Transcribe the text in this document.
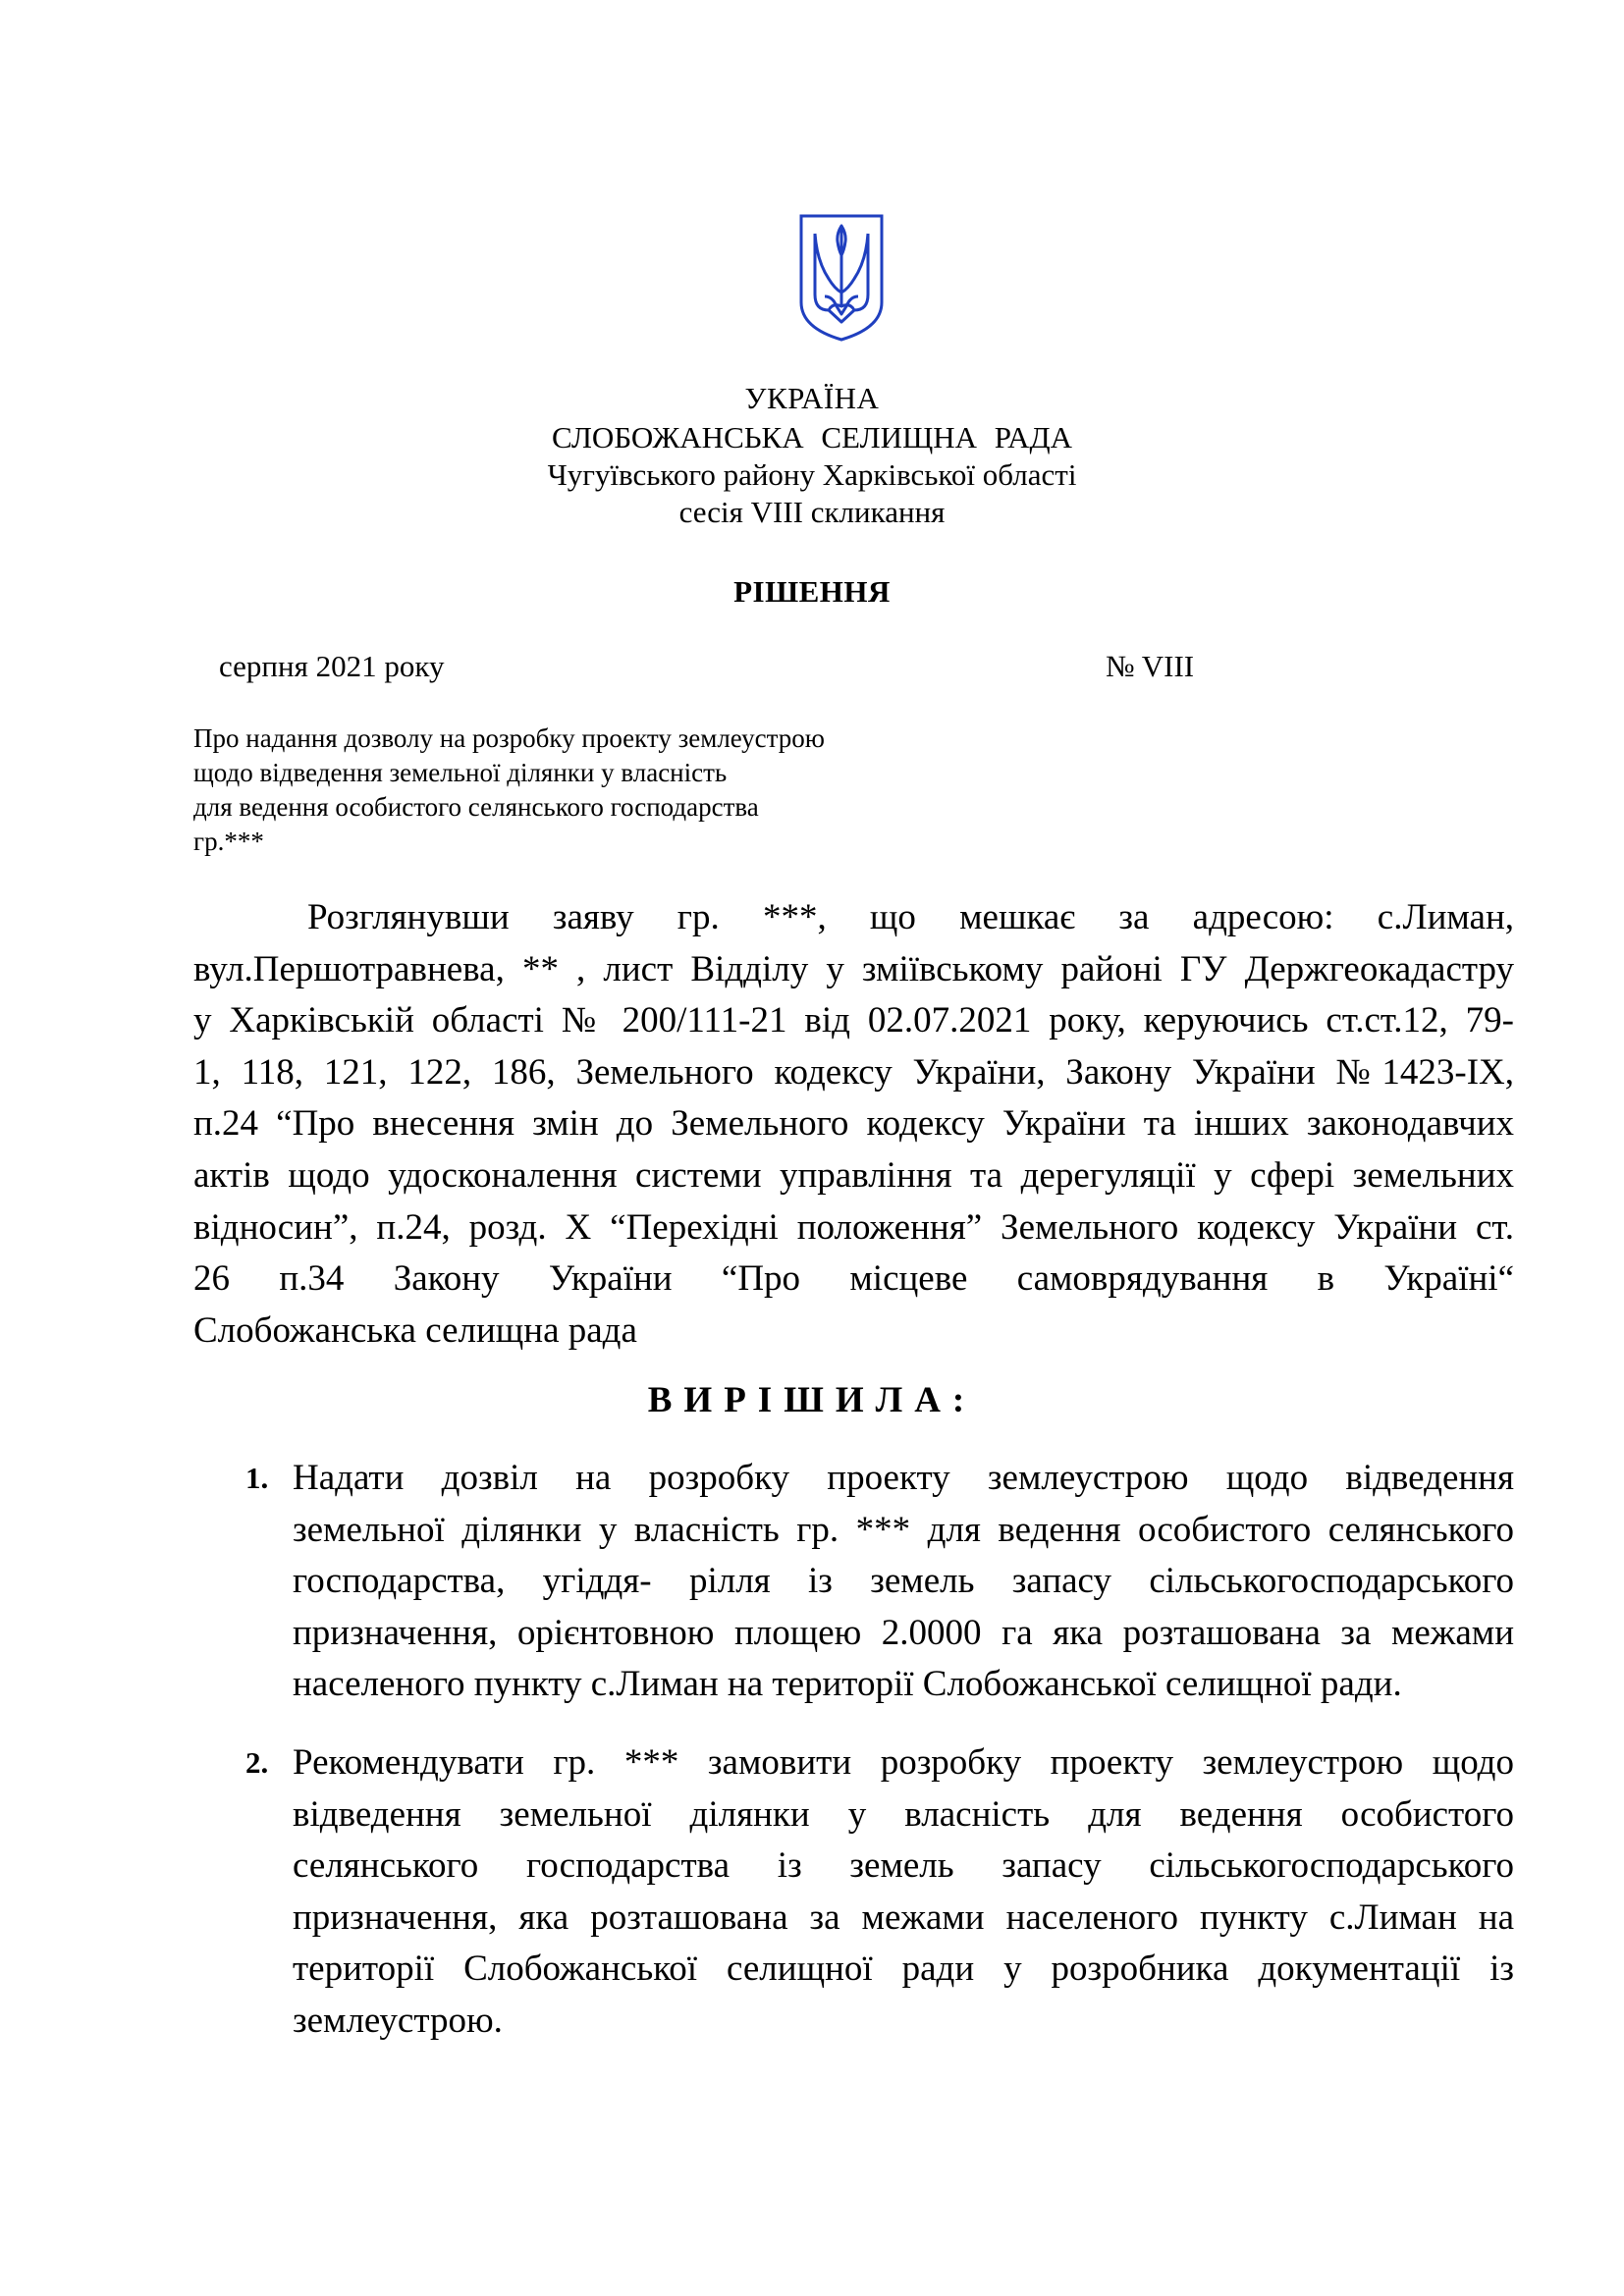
УКРАЇНА
СЛОБОЖАНСЬКА СЕЛИЩНА РАДА
Чугуївського району Харківської області
сесія VIII скликання
РІШЕННЯ
серпня 2021 року	№ VIII
Про надання дозволу на розробку проекту землеустрою
щодо відведення земельної ділянки у власність
для ведення особистого селянського господарства
гр.***
Розглянувши заяву гр. ***, що мешкає за адресою: с.Лиман,
вул.Першотравнева, ** , лист Відділу у зміївському районі ГУ Держгеокадастру
у Харківській області № 200/111-21 від 02.07.2021 року, керуючись ст.ст.12, 79-
1, 118, 121, 122, 186, Земельного кодексу України, Закону України №1423-IX,
п.24 “Про внесення змін до Земельного кодексу України та інших законодавчих
актів щодо удосконалення системи управління та дерегуляції у сфері земельних
відносин”, п.24, розд. X “Перехідні положення” Земельного кодексу України ст.
26 п.34 Закону України “Про місцеве самоврядування в Україні“
Слобожанська селищна рада
ВИРІШИЛА:
1. Надати дозвіл на розробку проекту землеустрою щодо відведення
земельної ділянки у власність гр. *** для ведення особистого селянського
господарства, угіддя- рілля із земель запасу сільськогосподарського
призначення, орієнтовною площею 2.0000 га яка розташована за межами
населеного пункту с.Лиман на території Слобожанської селищної ради.
2. Рекомендувати гр. *** замовити розробку проекту землеустрою щодо
відведення земельної ділянки у власність для ведення особистого
селянського господарства із земель запасу сільськогосподарського
призначення, яка розташована за межами населеного пункту с.Лиман на
території Слобожанської селищної ради у розробника документації із
землеустрою.
